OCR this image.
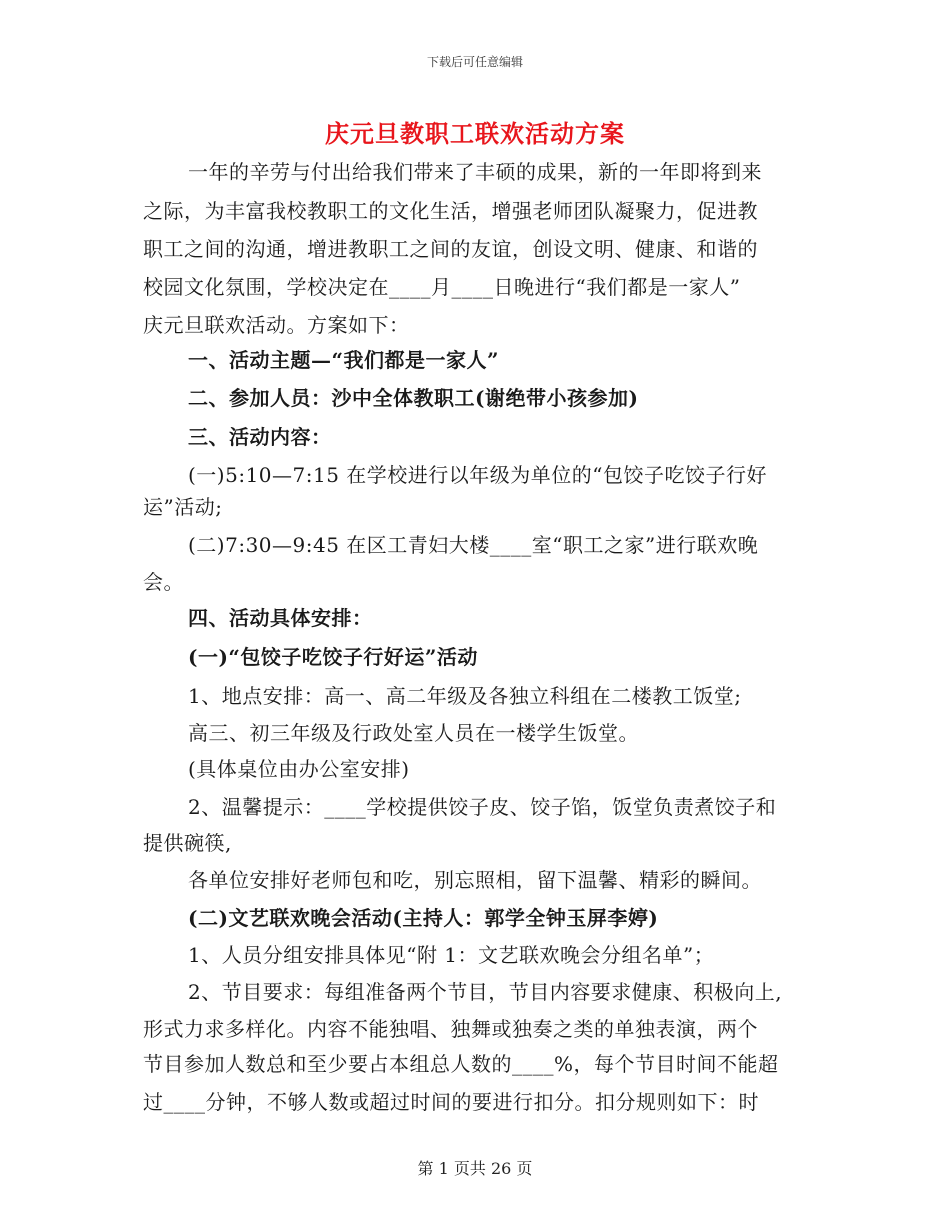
下载后可任意编辑
庆元旦教职工联欢活动方案
一年的辛劳与付出给我们带来了丰硕的成果，新的一年即将到来
之际，为丰富我校教职工的文化生活，增强老师团队凝聚力，促进教
职工之间的沟通，增进教职工之间的友谊，创设文明、健康、和谐的
校园文化氛围，学校决定在____月____日晚进行“我们都是一家人”
庆元旦联欢活动。方案如下：
一、活动主题—“我们都是一家人”
二、参加人员：沙中全体教职工(谢绝带小孩参加)
三、活动内容：
(一)5:10—7:15 在学校进行以年级为单位的“包饺子吃饺子行好
运”活动;
(二)7:30—9:45 在区工青妇大楼____室“职工之家”进行联欢晚
会。
四、活动具体安排：
(一)“包饺子吃饺子行好运”活动
1、地点安排：高一、高二年级及各独立科组在二楼教工饭堂;
高三、初三年级及行政处室人员在一楼学生饭堂。
(具体桌位由办公室安排)
2、温馨提示：____学校提供饺子皮、饺子馅，饭堂负责煮饺子和
提供碗筷,
各单位安排好老师包和吃，别忘照相，留下温馨、精彩的瞬间。
(二)文艺联欢晚会活动(主持人：郭学全钟玉屏李婷)
1、人员分组安排具体见“附 1：文艺联欢晚会分组名单”；
2、节目要求：每组准备两个节目，节目内容要求健康、积极向上,
形式力求多样化。内容不能独唱、独舞或独奏之类的单独表演，两个
节目参加人数总和至少要占本组总人数的____%，每个节目时间不能超
过____分钟，不够人数或超过时间的要进行扣分。扣分规则如下：时
第 1 页共 26 页
